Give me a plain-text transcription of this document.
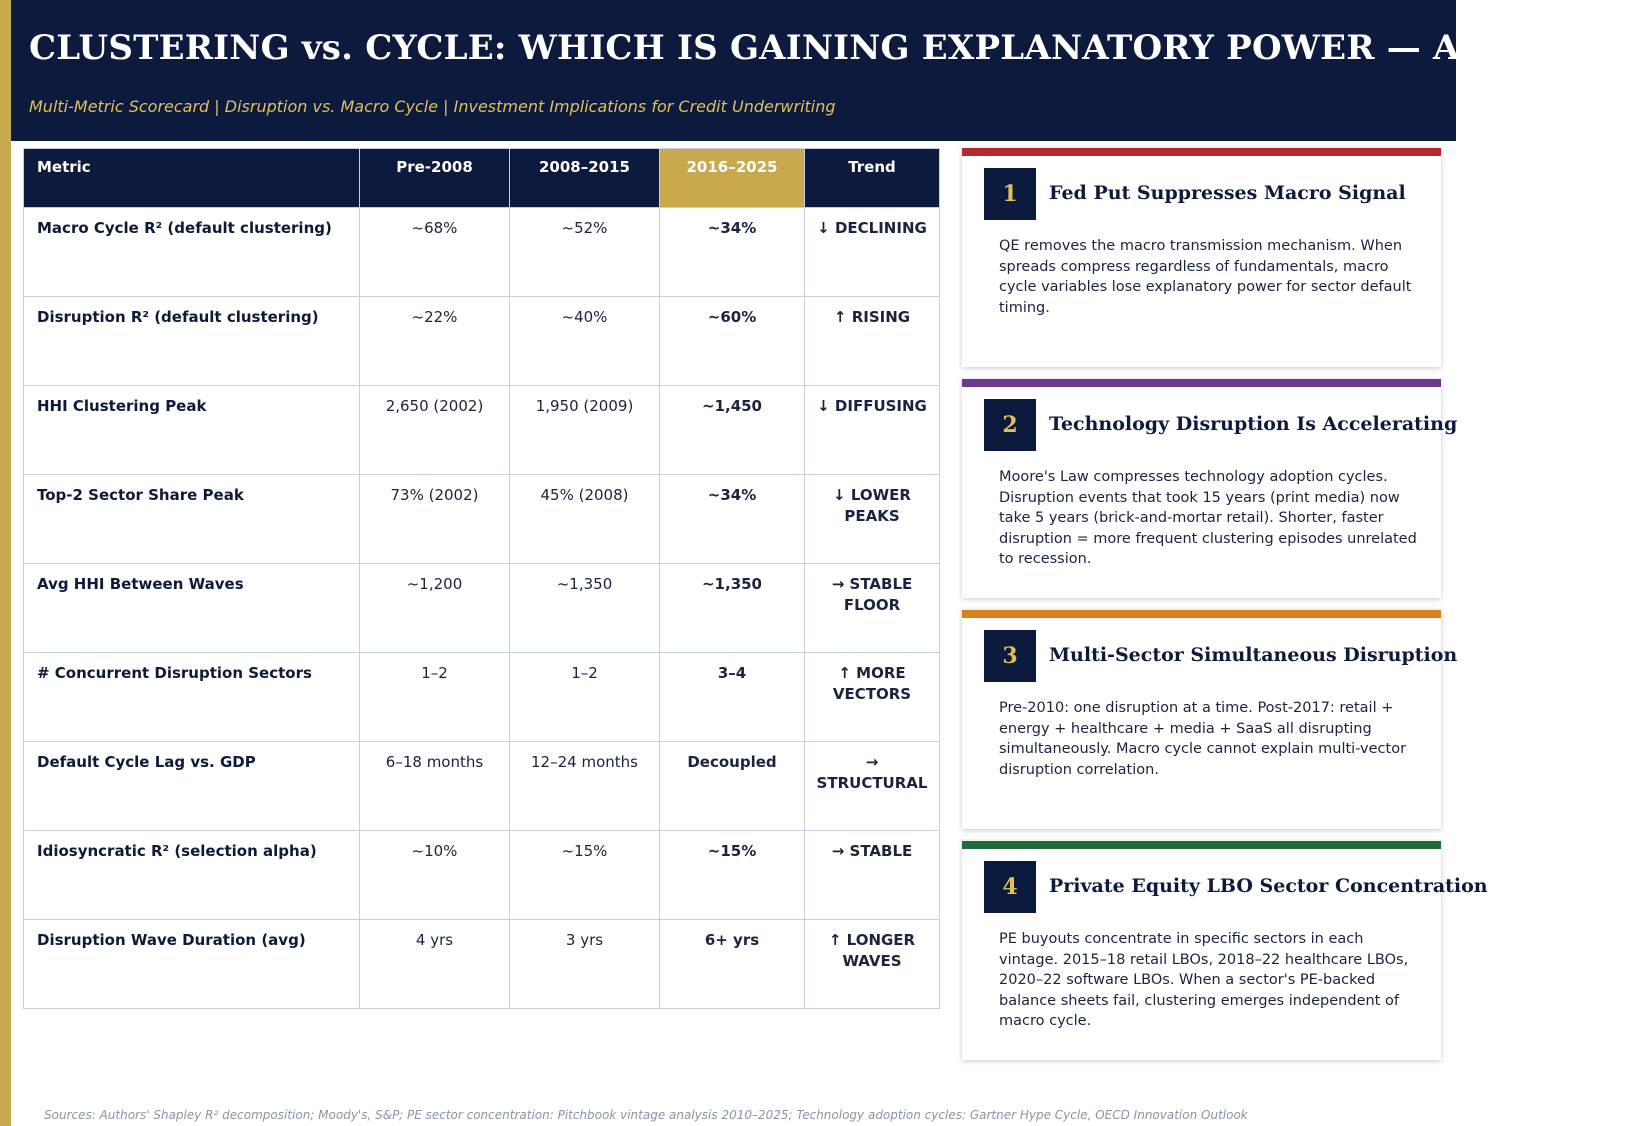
CLUSTERING vs. CYCLE: WHICH IS GAINING EXPLANATORY POWER — AND WHY?
Multi-Metric Scorecard | Disruption vs. Macro Cycle | Investment Implications for Credit Underwriting
Metric	Pre-2008	2008–2015	2016–2025	Trend
Macro Cycle R² (default clustering)	~68%	~52%	~34%	↓ DECLINING
Disruption R² (default clustering)	~22%	~40%	~60%	↑ RISING
HHI Clustering Peak	2,650 (2002)	1,950 (2009)	~1,450	↓ DIFFUSING
Top-2 Sector Share Peak	73% (2002)	45% (2008)	~34%	↓ LOWER PEAKS
Avg HHI Between Waves	~1,200	~1,350	~1,350	→ STABLE FLOOR
# Concurrent Disruption Sectors	1–2	1–2	3–4	↑ MORE VECTORS
Default Cycle Lag vs. GDP	6–18 months	12–24 months	Decoupled	→ STRUCTURAL
Idiosyncratic R² (selection alpha)	~10%	~15%	~15%	→ STABLE
Disruption Wave Duration (avg)	4 yrs	3 yrs	6+ yrs	↑ LONGER WAVES
1	Fed Put Suppresses Macro Signal
QE removes the macro transmission mechanism. When spreads compress regardless of fundamentals, macro cycle variables lose explanatory power for sector default timing.
2	Technology Disruption Is Accelerating
Moore's Law compresses technology adoption cycles. Disruption events that took 15 years (print media) now take 5 years (brick-and-mortar retail). Shorter, faster disruption = more frequent clustering episodes unrelated to recession.
3	Multi-Sector Simultaneous Disruption
Pre-2010: one disruption at a time. Post-2017: retail + energy + healthcare + media + SaaS all disrupting simultaneously. Macro cycle cannot explain multi-vector disruption correlation.
4	Private Equity LBO Sector Concentration
PE buyouts concentrate in specific sectors in each vintage. 2015–18 retail LBOs, 2018–22 healthcare LBOs, 2020–22 software LBOs. When a sector's PE-backed balance sheets fail, clustering emerges independent of macro cycle.
Sources: Authors' Shapley R² decomposition; Moody's, S&P; PE sector concentration: Pitchbook vintage analysis 2010–2025; Technology adoption cycles: Gartner Hype Cycle, OECD Innovation Outlook
